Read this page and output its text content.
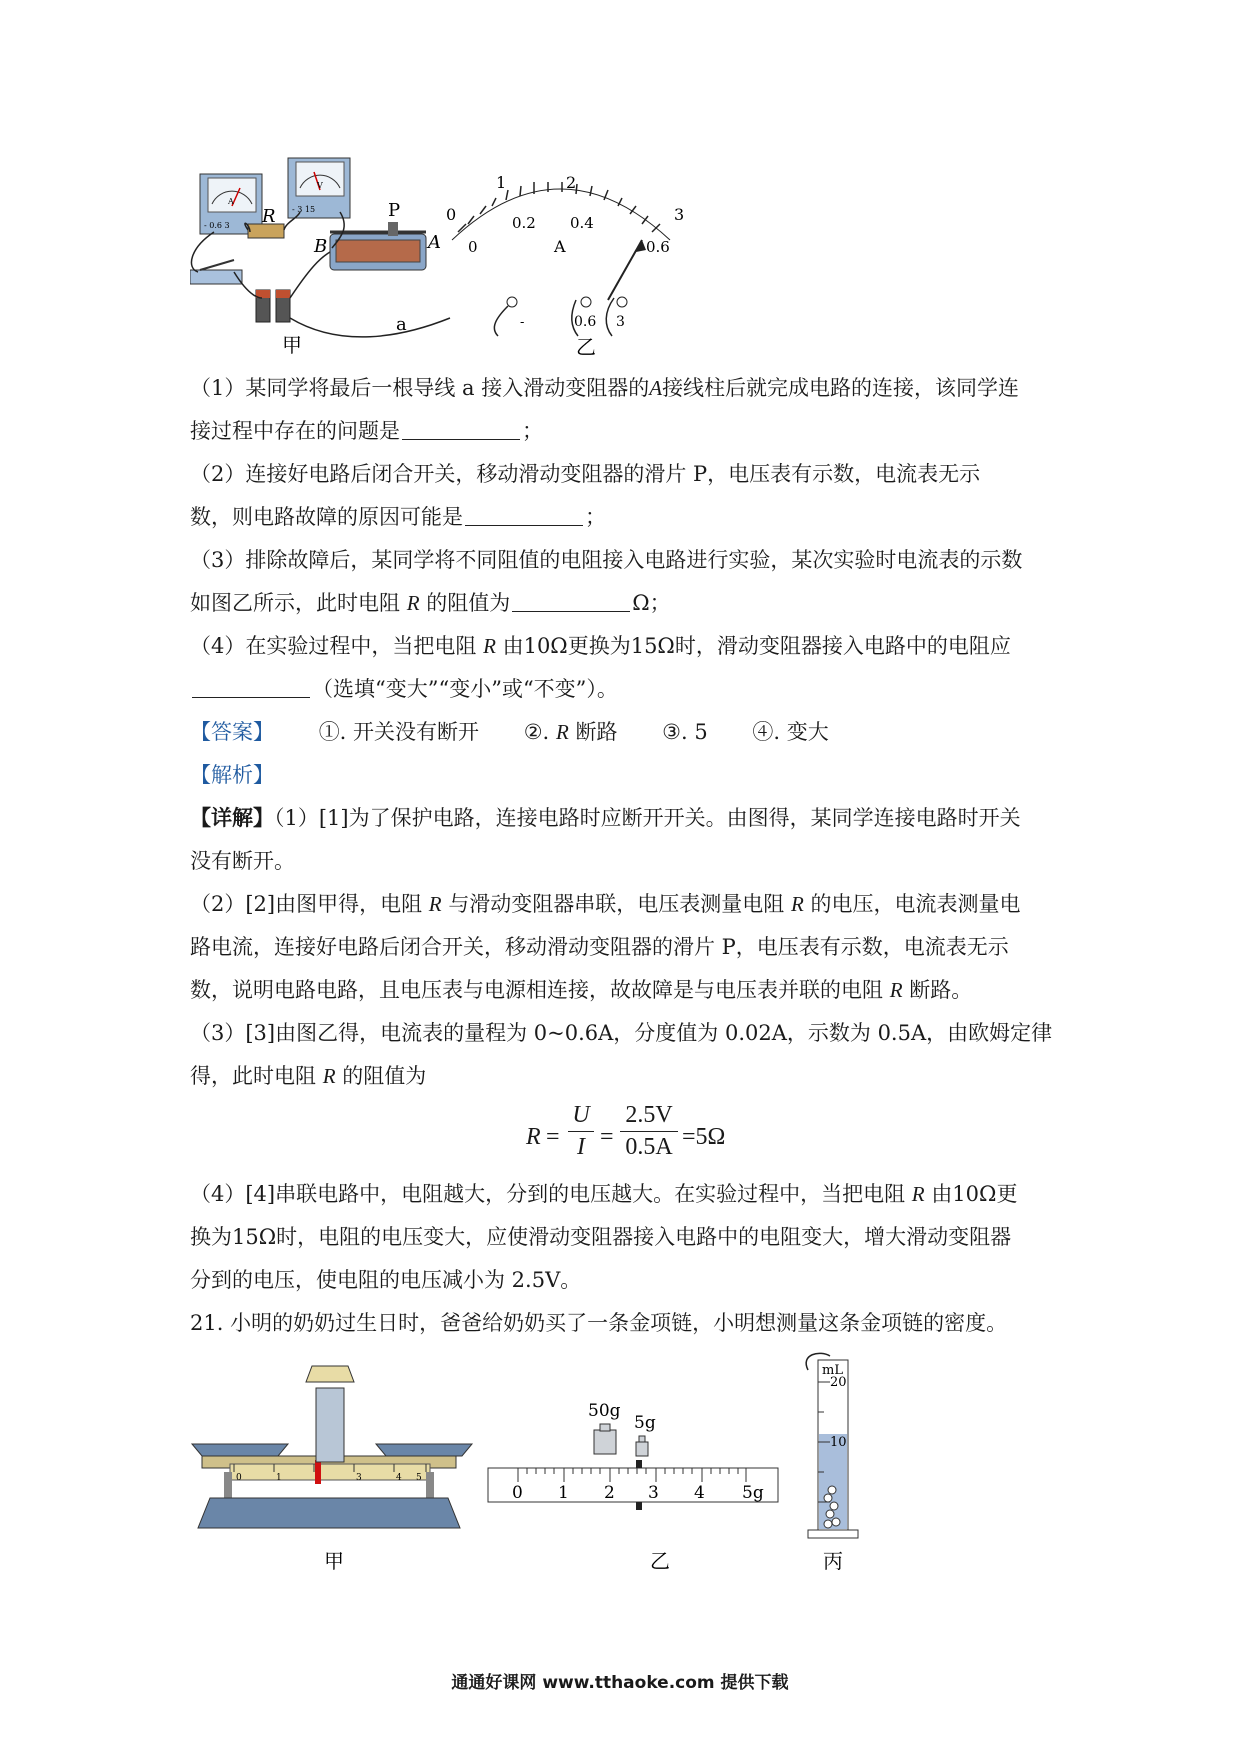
A
- 0.6 3
V
- 3 15
R
B
P
A
a
甲
0
1	2
3
0
0.2 0.4
0.6
A
-	0.6 3
乙
（1）某同学将最后一根导线 a 接入滑动变阻器的A接线柱后就完成电路的连接，该同学连
接过程中存在的问题是	；
（2）连接好电路后闭合开关，移动滑动变阻器的滑片 P，电压表有示数，电流表无示
数，则电路故障的原因可能是	；
（3）排除故障后，某同学将不同阻值的电阻接入电路进行实验，某次实验时电流表的示数
如图乙所示，此时电阻 R 的阻值为	Ω；
（4）在实验过程中，当把电阻 R 由10Ω更换为15Ω时，滑动变阻器接入电路中的电阻应
（选填“变大”“变小”或“不变”）。
【答案】 ①. 开关没有断开 ②. R 断路 ③. 5 ④. 变大
【解析】
【详解】（1）[1]为了保护电路，连接电路时应断开开关。由图得，某同学连接电路时开关
没有断开。
（2）[2]由图甲得，电阻 R 与滑动变阻器串联，电压表测量电阻 R 的电压，电流表测量电
路电流，连接好电路后闭合开关，移动滑动变阻器的滑片 P，电压表有示数，电流表无示
数，说明电路电路，且电压表与电源相连接，故故障是与电压表并联的电阻 R 断路。
（3）[3]由图乙得，电流表的量程为 0~0.6A，分度值为 0.02A，示数为 0.5A，由欧姆定律
得，此时电阻 R 的阻值为
R =
U
I =
2.5V
0.5A =5Ω
（4）[4]串联电路中，电阻越大，分到的电压越大。在实验过程中，当把电阻 R 由10Ω更
换为15Ω时，电阻的电压变大，应使滑动变阻器接入电路中的电阻变大，增大滑动变阻器
分到的电压，使电阻的电压减小为 2.5V。
21. 小明的奶奶过生日时，爸爸给奶奶买了一条金项链，小明想测量这条金项链的密度。
0	1	3	4 5
甲
0 1 2 3 4 5g
50g
5g
乙
mL
20
10
丙
通通好课网 www.tthaoke.com 提供下载
